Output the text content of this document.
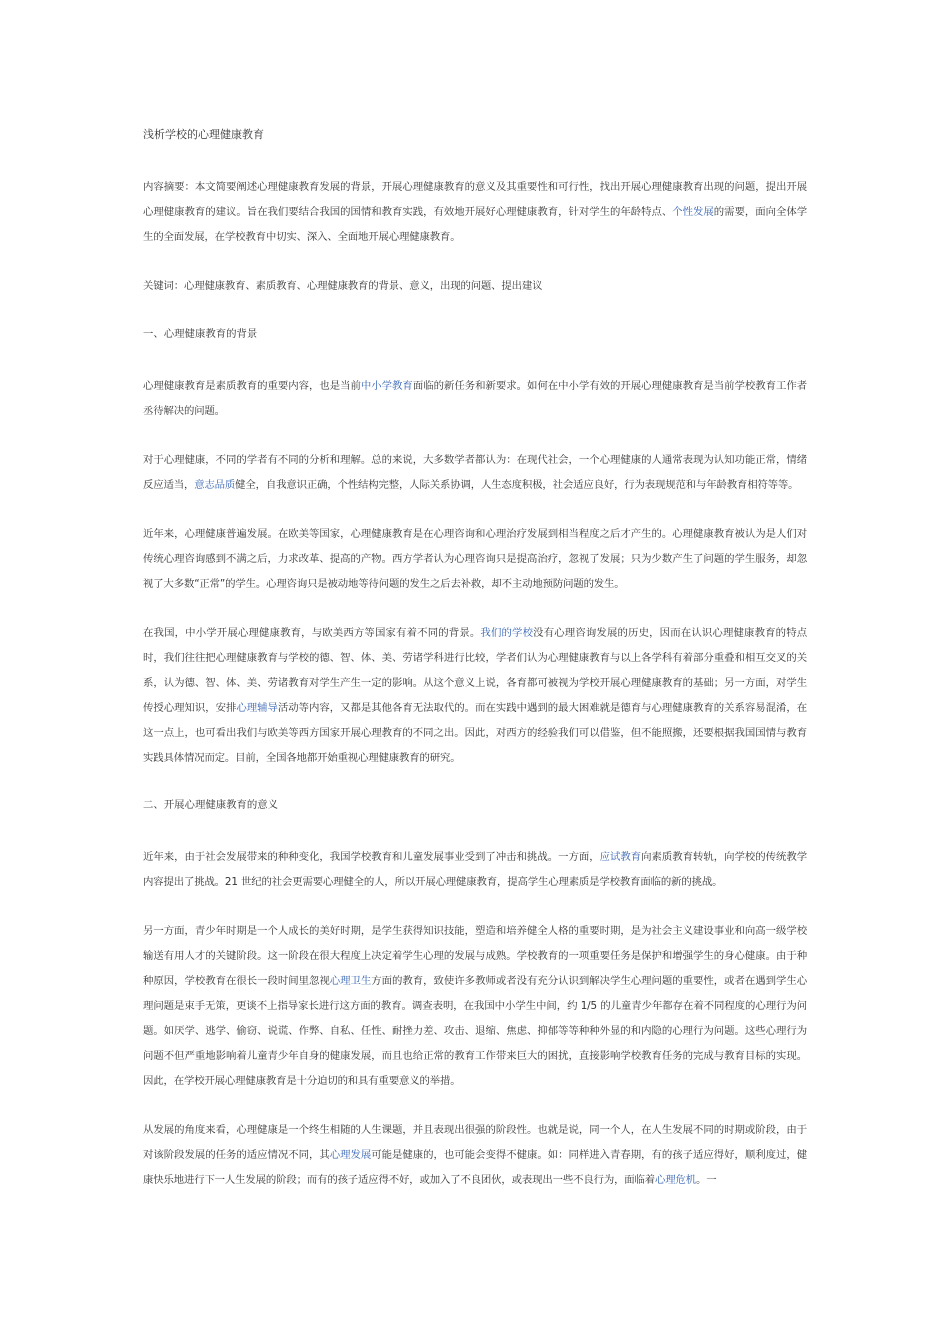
浅析学校的心理健康教育
内容摘要：本文简要阐述心理健康教育发展的背景，开展心理健康教育的意义及其重要性和可行性，找出开展心理健康教育出现的问题，提出开展心理健康教育的建议。旨在我们要结合我国的国情和教育实践，有效地开展好心理健康教育，针对学生的年龄特点、个性发展的需要，面向全体学生的全面发展，在学校教育中切实、深入、全面地开展心理健康教育。
关键词：心理健康教育、素质教育、心理健康教育的背景、意义，出现的问题、提出建议
一、心理健康教育的背景
心理健康教育是素质教育的重要内容，也是当前中小学教育面临的新任务和新要求。如何在中小学有效的开展心理健康教育是当前学校教育工作者丞待解决的问题。
对于心理健康，不同的学者有不同的分析和理解。总的来说，大多数学者都认为：在现代社会，一个心理健康的人通常表现为认知功能正常，情绪反应适当，意志品质健全，自我意识正确，个性结构完整，人际关系协调，人生态度积极，社会适应良好，行为表现规范和与年龄教育相符等等。
近年来，心理健康普遍发展。在欧美等国家，心理健康教育是在心理咨询和心理治疗发展到相当程度之后才产生的。心理健康教育被认为是人们对传统心理咨询感到不满之后，力求改革、提高的产物。西方学者认为心理咨询只是提高治疗，忽视了发展；只为少数产生了问题的学生服务，却忽视了大多数“正常”的学生。心理咨询只是被动地等待问题的发生之后去补救，却不主动地预防问题的发生。
在我国，中小学开展心理健康教育，与欧美西方等国家有着不同的背景。我们的学校没有心理咨询发展的历史，因而在认识心理健康教育的特点时，我们往往把心理健康教育与学校的德、智、体、美、劳诸学科进行比较，学者们认为心理健康教育与以上各学科有着部分重叠和相互交叉的关系，认为德、智、体、美、劳诸教育对学生产生一定的影响。从这个意义上说，各育都可被视为学校开展心理健康教育的基础；另一方面，对学生传授心理知识，安排心理辅导活动等内容，又都是其他各育无法取代的。而在实践中遇到的最大困难就是德育与心理健康教育的关系容易混淆，在这一点上，也可看出我们与欧美等西方国家开展心理教育的不同之出。因此，对西方的经验我们可以借鉴，但不能照搬，还要根据我国国情与教育实践具体情况而定。目前，全国各地都开始重视心理健康教育的研究。
二、开展心理健康教育的意义
近年来，由于社会发展带来的种种变化，我国学校教育和儿童发展事业受到了冲击和挑战。一方面，应试教育向素质教育转轨，向学校的传统教学内容提出了挑战。21 世纪的社会更需要心理健全的人，所以开展心理健康教育，提高学生心理素质是学校教育面临的新的挑战。
另一方面，青少年时期是一个人成长的美好时期，是学生获得知识技能，塑造和培养健全人格的重要时期，是为社会主义建设事业和向高一级学校输送有用人才的关键阶段。这一阶段在很大程度上决定着学生心理的发展与成熟。学校教育的一项重要任务是保护和增强学生的身心健康。由于种种原因，学校教育在很长一段时间里忽视心理卫生方面的教育，致使许多教师或者没有充分认识到解决学生心理问题的重要性，或者在遇到学生心理问题是束手无策，更谈不上指导家长进行这方面的教育。调查表明，在我国中小学生中间，约 1/5 的儿童青少年都存在着不同程度的心理行为问题。如厌学、逃学、偷窃、说谎、作弊、自私、任性、耐挫力差、攻击、退缩、焦虑、抑郁等等种种外显的和内隐的心理行为问题。这些心理行为问题不但严重地影响着儿童青少年自身的健康发展，而且也给正常的教育工作带来巨大的困扰，直接影响学校教育任务的完成与教育目标的实现。因此，在学校开展心理健康教育是十分迫切的和具有重要意义的举措。
从发展的角度来看，心理健康是一个终生相随的人生课题，并且表现出很强的阶段性。也就是说，同一个人，在人生发展不同的时期或阶段，由于对该阶段发展的任务的适应情况不同，其心理发展可能是健康的，也可能会变得不健康。如：同样进入青春期，有的孩子适应得好，顺利度过，健康快乐地进行下一人生发展的阶段；而有的孩子适应得不好，或加入了不良团伙，或表现出一些不良行为，面临着心理危机。一
